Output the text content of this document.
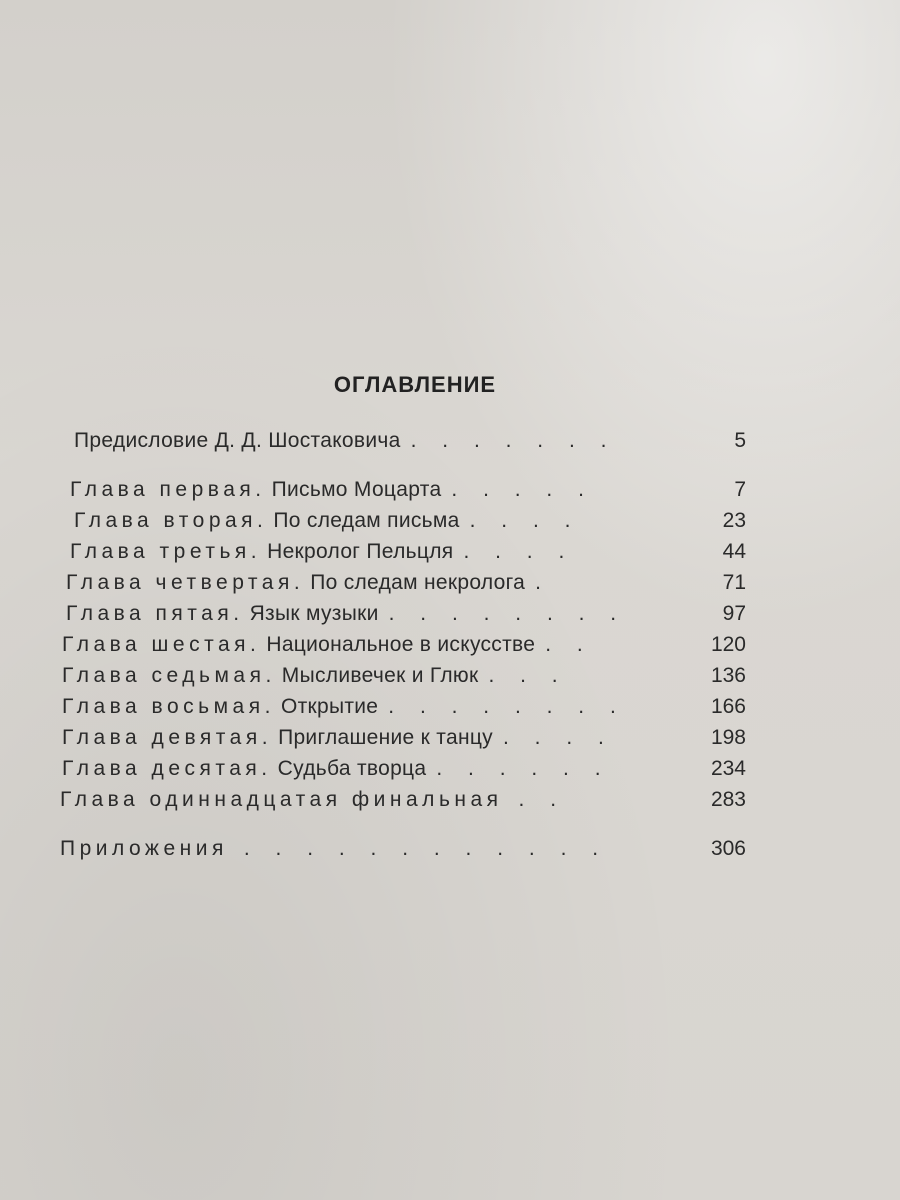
ОГЛАВЛЕНИЕ
Предисловие Д. Д. Шостаковича . . . . . . .	5
Глава первая. Письмо Моцарта . . . . .	7
Глава вторая. По следам письма . . . .	23
Глава третья. Некролог Пельцля . . . .	44
Глава четвертая. По следам некролога .	71
Глава пятая. Язык музыки . . . . . . . .	97
Глава шестая. Национальное в искусстве . .	120
Глава седьмая. Мысливечек и Глюк . . .	136
Глава восьмая. Открытие . . . . . . . .	166
Глава девятая. Приглашение к танцу . . . .	198
Глава десятая. Судьба творца . . . . . .	234
Глава одиннадцатая финальная . .	283
Приложения . . . . . . . . . . . .	306
